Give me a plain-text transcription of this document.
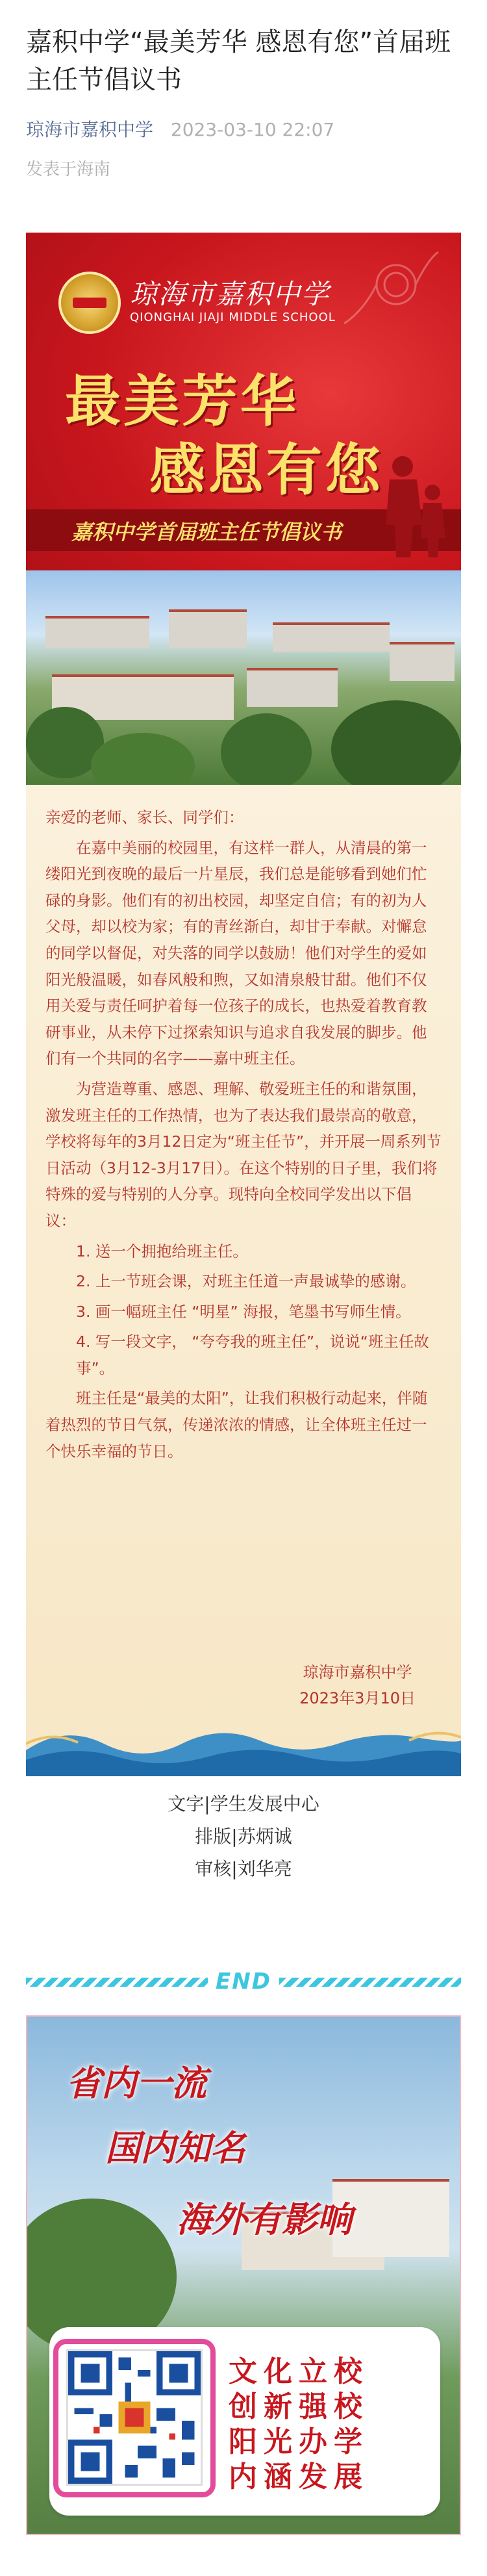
嘉积中学“最美芳华 感恩有您”首届班主任节倡议书
琼海市嘉积中学 2023-03-10 22:07
发表于海南
琼海市嘉积中学
QIONGHAI JIAJI MIDDLE SCHOOL
最美芳华
感恩有您
嘉积中学首届班主任节倡议书

亲爱的老师、家长、同学们：

在嘉中美丽的校园里，有这样一群人，从清晨的第一缕阳光到夜晚的最后一片星辰，我们总是能够看到她们忙碌的身影。他们有的初出校园，却坚定自信；有的初为人父母，却以校为家；有的青丝渐白，却甘于奉献。对懈怠的同学以督促，对失落的同学以鼓励！他们对学生的爱如阳光般温暖，如春风般和煦，又如清泉般甘甜。他们不仅用关爱与责任呵护着每一位孩子的成长，也热爱着教育教研事业，从未停下过探索知识与追求自我发展的脚步。他们有一个共同的名字——嘉中班主任。

为营造尊重、感恩、理解、敬爱班主任的和谐氛围，激发班主任的工作热情，也为了表达我们最崇高的敬意，学校将每年的3月12日定为“班主任节”，并开展一周系列节日活动（3月12-3月17日）。在这个特别的日子里，我们将特殊的爱与特别的人分享。现特向全校同学发出以下倡议：

1. 送一个拥抱给班主任。

2. 上一节班会课，对班主任道一声最诚挚的感谢。

3. 画一幅班主任 “明星” 海报，笔墨书写师生情。

4. 写一段文字， “夸夸我的班主任”，说说“班主任故事”。

班主任是“最美的太阳”，让我们积极行动起来，伴随着热烈的节日气氛，传递浓浓的情感，让全体班主任过一个快乐幸福的节日。

琼海市嘉积中学
2023年3月10日
文字|学生发展中心
排版|苏炳诚
审核|刘华亮
END
省内一流
国内知名
海外有影响
文化立校
创新强校
阳光办学
内涵发展
